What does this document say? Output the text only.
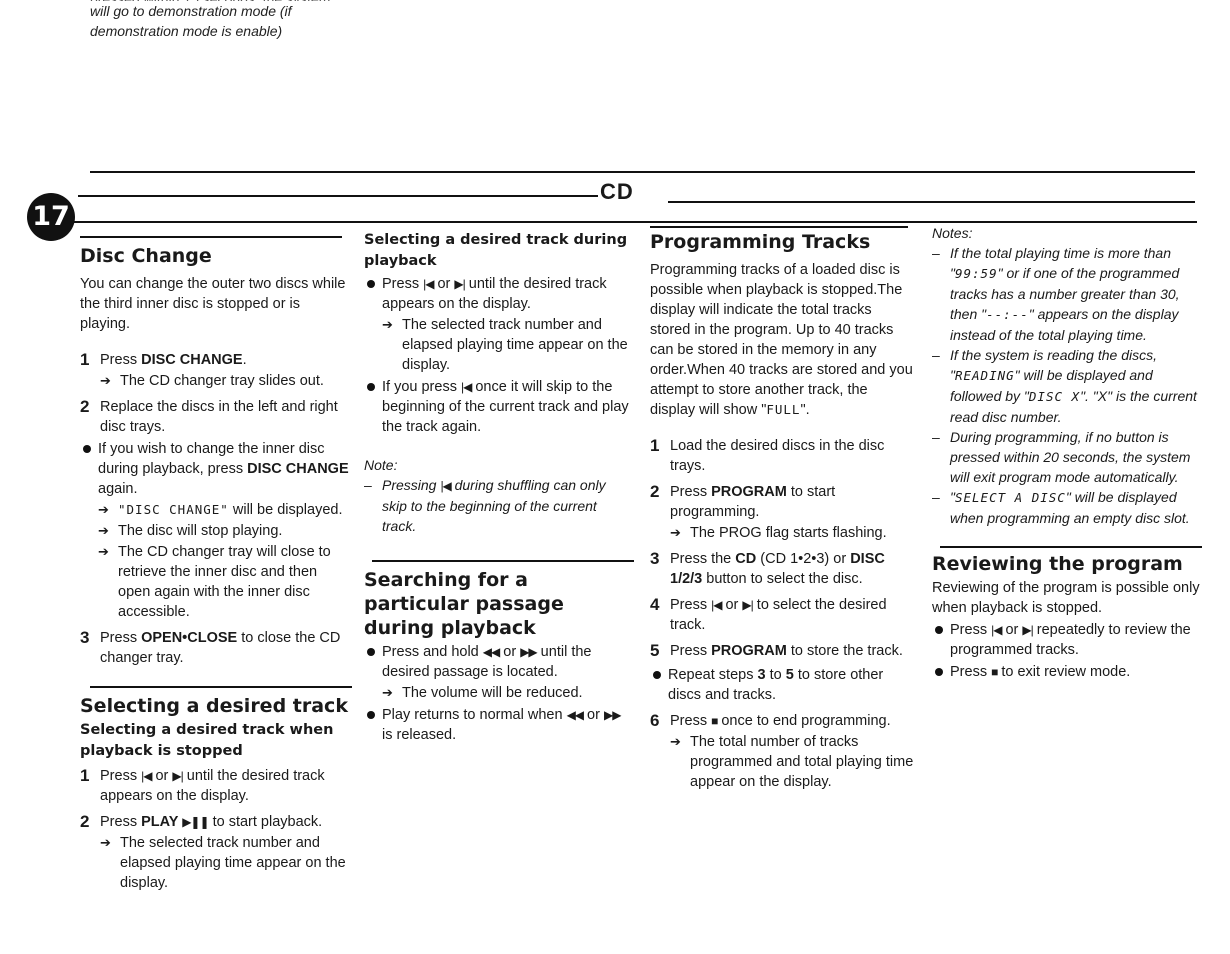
will go to demonstration mode (if
demonstration mode is enable)
17
CD
Disc Change

You can change the outer two discs while the third inner disc is stopped or is playing.

1 Press DISC CHANGE.
➔ The CD changer tray slides out.
2 Replace the discs in the left and right disc trays.
If you wish to change the inner disc during playback, press DISC CHANGE again.
➔ "DISC CHANGE" will be displayed.
➔ The disc will stop playing.
➔ The CD changer tray will close to retrieve the inner disc and then open again with the inner disc accessible.
3 Press OPEN•CLOSE to close the CD changer tray.
Selecting a desired track
Selecting a desired track when playback is stopped
1 Press |◀ or ▶| until the desired track appears on the display.
2 Press PLAY ▶❚❚ to start playback.
➔ The selected track number and elapsed playing time appear on the display.
Selecting a desired track during playback
Press |◀ or ▶| until the desired track appears on the display.
➔ The selected track number and elapsed playing time appear on the display.
If you press |◀ once it will skip to the beginning of the current track and play the track again.
Note:
– Pressing |◀ during shuffling can only skip to the beginning of the current track.
Searching for a particular passage during playback
Press and hold ◀◀ or ▶▶ until the desired passage is located.
➔ The volume will be reduced.
Play returns to normal when ◀◀ or ▶▶ is released.
Programming Tracks

Programming tracks of a loaded disc is possible when playback is stopped.The display will indicate the total tracks stored in the program. Up to 40 tracks can be stored in the memory in any order.When 40 tracks are stored and you attempt to store another track, the display will show "FULL".

1 Load the desired discs in the disc trays.
2 Press PROGRAM to start programming.
➔ The PROG flag starts flashing.
3 Press the CD (CD 1•2•3) or DISC 1/2/3 button to select the disc.
4 Press |◀ or ▶| to select the desired track.
5 Press PROGRAM to store the track.
Repeat steps 3 to 5 to store other discs and tracks.
6 Press ■ once to end programming.
➔ The total number of tracks programmed and total playing time appear on the display.
Notes:
– If the total playing time is more than "99:59" or if one of the programmed tracks has a number greater than 30, then "--:--" appears on the display instead of the total playing time.
– If the system is reading the discs, "READING" will be displayed and followed by "DISC X". "X" is the current read disc number.
– During programming, if no button is pressed within 20 seconds, the system will exit program mode automatically.
– "SELECT A DISC" will be displayed when programming an empty disc slot.
Reviewing the program

Reviewing of the program is possible only when playback is stopped.

Press |◀ or ▶| repeatedly to review the programmed tracks.
Press ■ to exit review mode.
